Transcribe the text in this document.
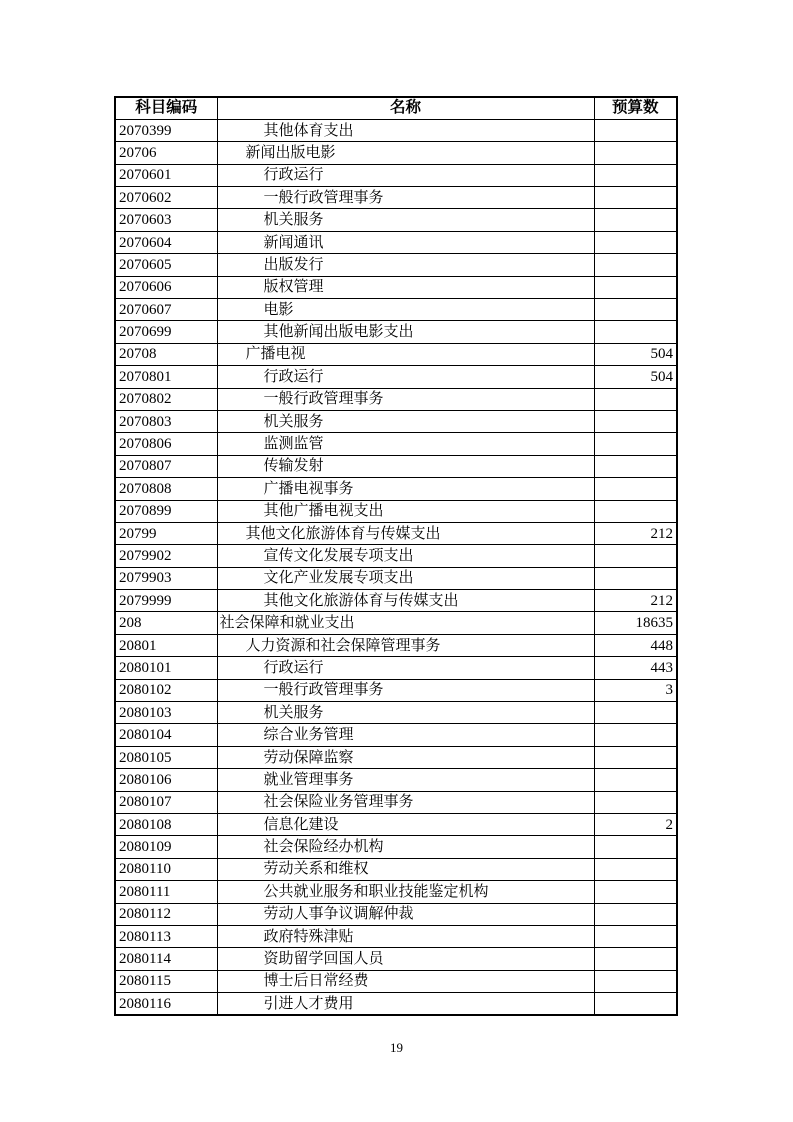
科目编码	名称	预算数
2070399	其他体育支出	
20706	新闻出版电影	
2070601	行政运行	
2070602	一般行政管理事务	
2070603	机关服务	
2070604	新闻通讯	
2070605	出版发行	
2070606	版权管理	
2070607	电影	
2070699	其他新闻出版电影支出	
20708	广播电视	504
2070801	行政运行	504
2070802	一般行政管理事务	
2070803	机关服务	
2070806	监测监管	
2070807	传输发射	
2070808	广播电视事务	
2070899	其他广播电视支出	
20799	其他文化旅游体育与传媒支出	212
2079902	宣传文化发展专项支出	
2079903	文化产业发展专项支出	
2079999	其他文化旅游体育与传媒支出	212
208	社会保障和就业支出	18635
20801	人力资源和社会保障管理事务	448
2080101	行政运行	443
2080102	一般行政管理事务	3
2080103	机关服务	
2080104	综合业务管理	
2080105	劳动保障监察	
2080106	就业管理事务	
2080107	社会保险业务管理事务	
2080108	信息化建设	2
2080109	社会保险经办机构	
2080110	劳动关系和维权	
2080111	公共就业服务和职业技能鉴定机构	
2080112	劳动人事争议调解仲裁	
2080113	政府特殊津贴	
2080114	资助留学回国人员	
2080115	博士后日常经费	
2080116	引进人才费用	
19
